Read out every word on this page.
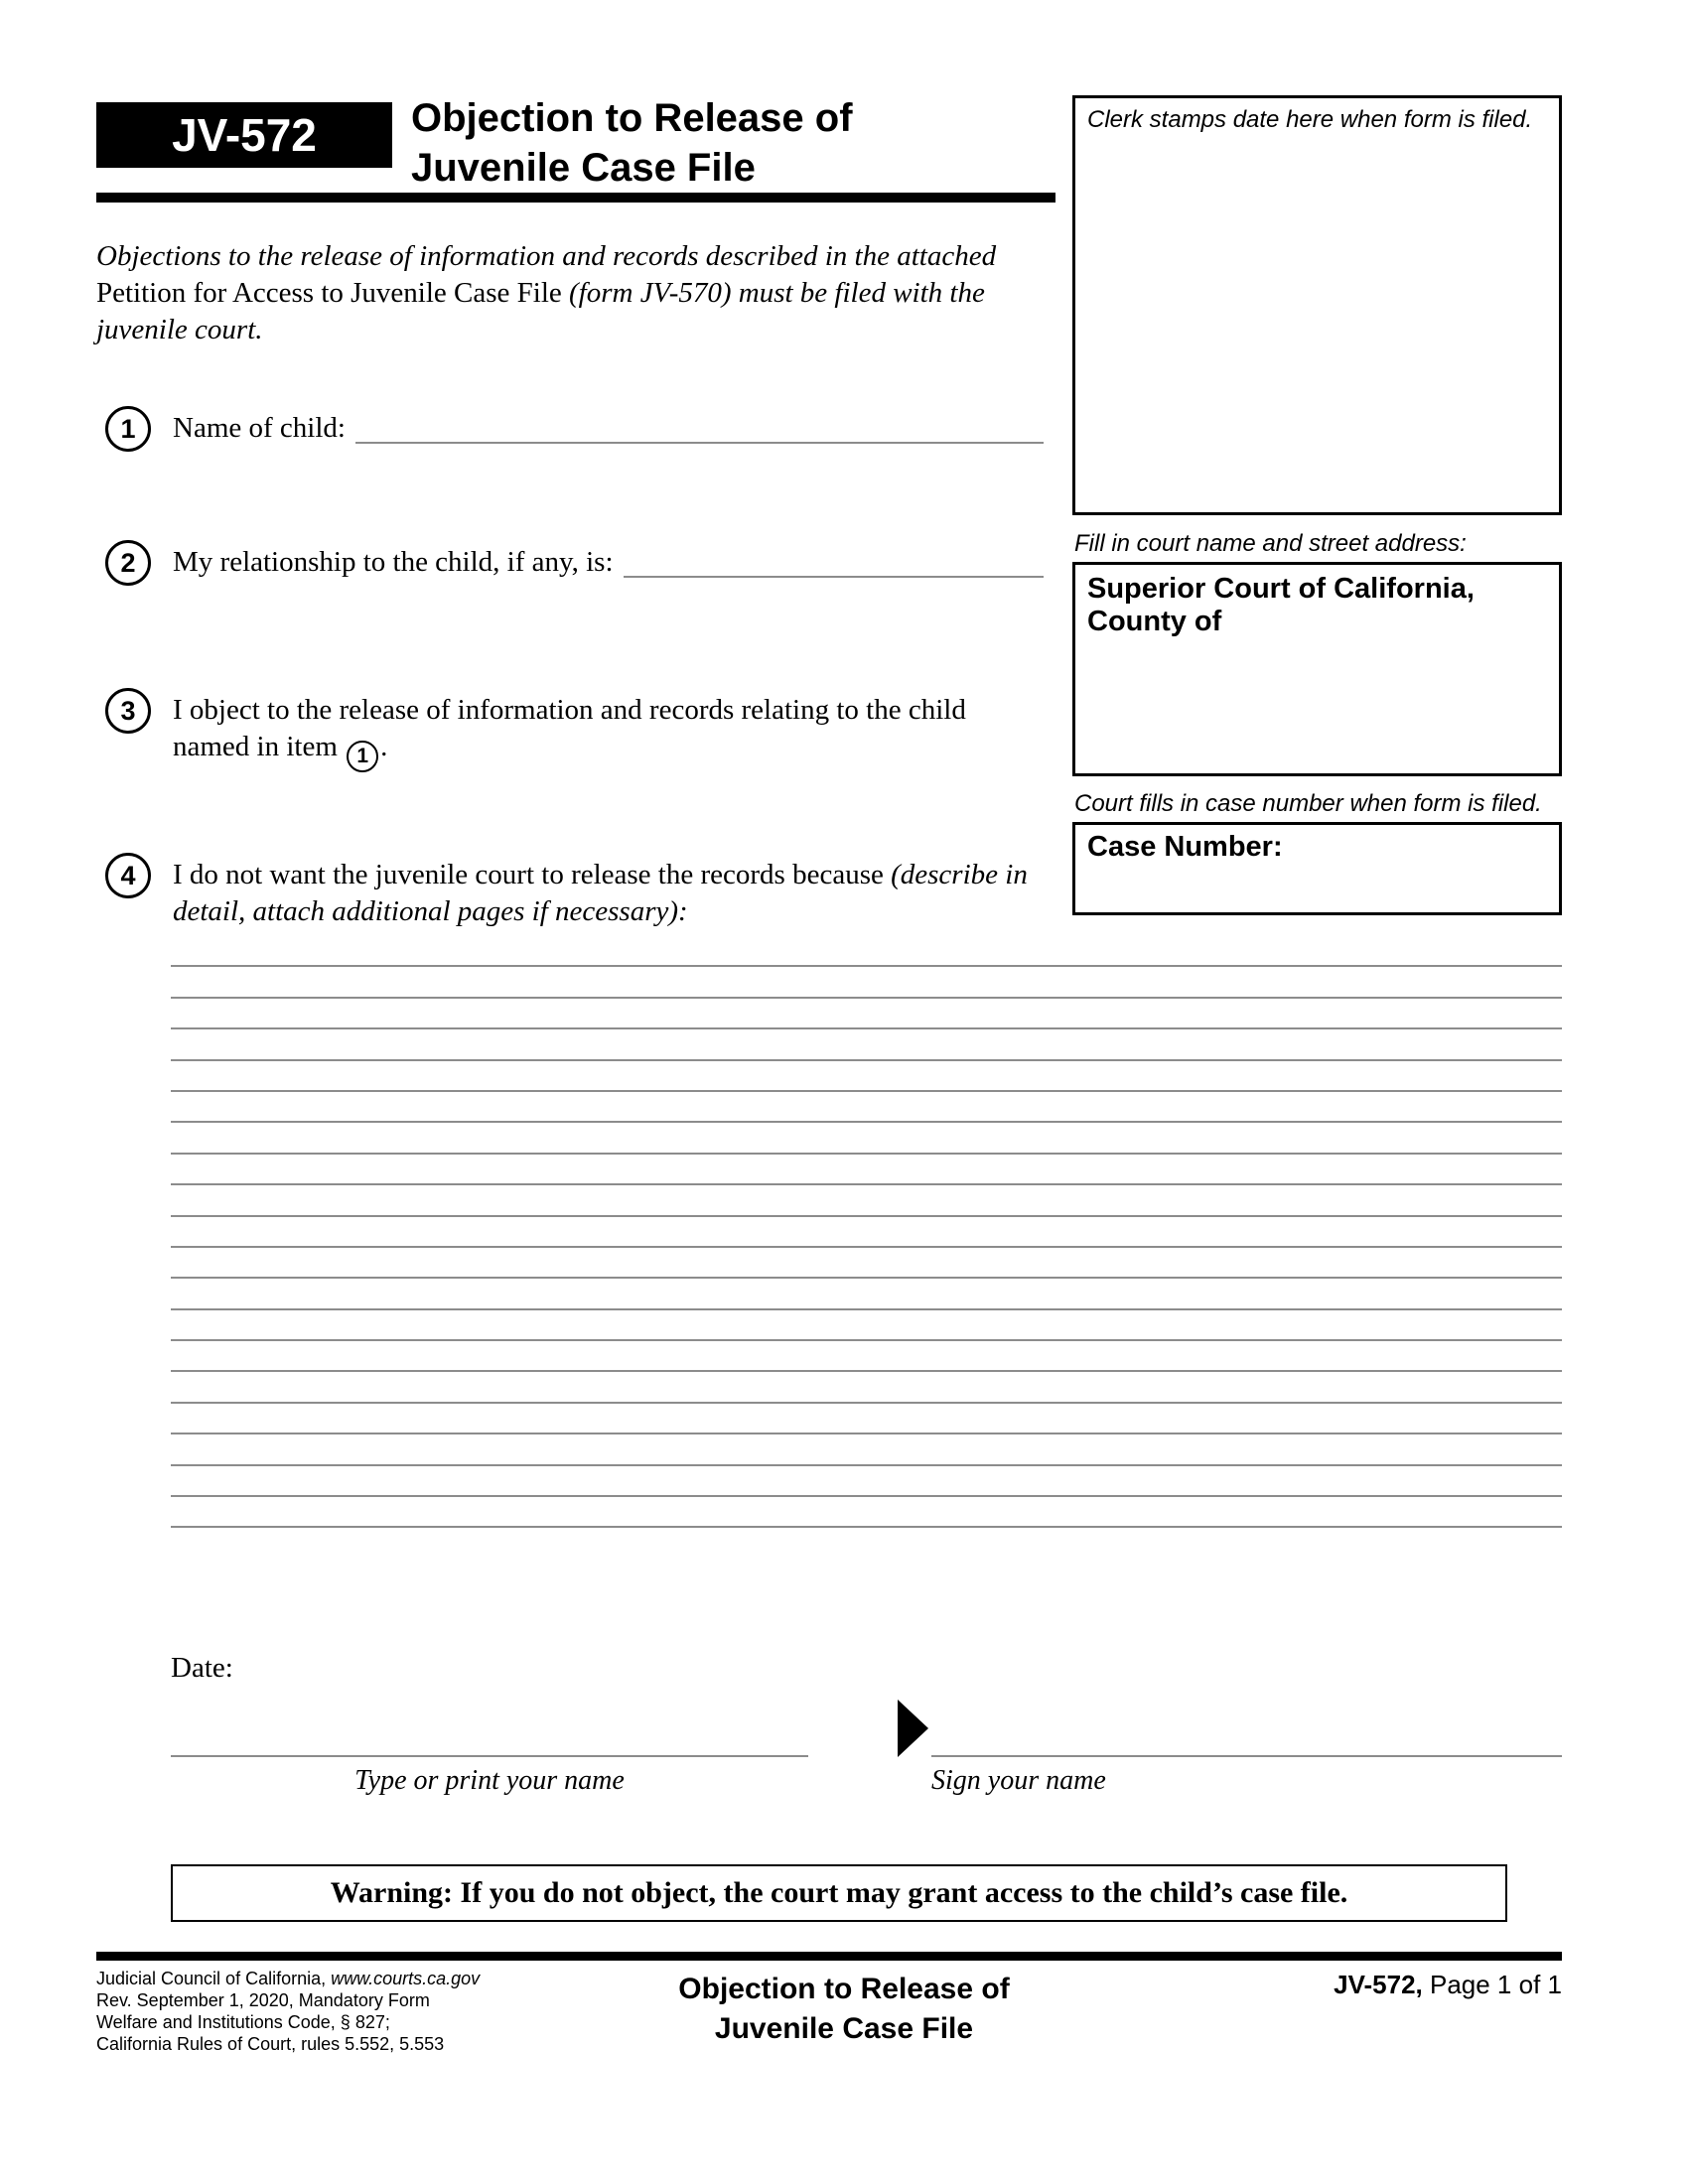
JV-572 Objection to Release of
Juvenile Case File

Objections to the release of information and records described in the attached Petition for Access to Juvenile Case File (form JV-570) must be filed with the juvenile court.

1 Name of child:
2 My relationship to the child, if any, is:
3 I object to the release of information and records relating to the child named in item 1 .
4 I do not want the juvenile court to release the records because (describe in detail, attach additional pages if necessary):
Clerk stamps date here when form is filed.
Fill in court name and street address:
Superior Court of California, County of
Court fills in case number when form is filed.
Case Number:
Date:
Type or print your name	Sign your name
Warning: If you do not object, the court may grant access to the child’s case file.
Judicial Council of California, www.courts.ca.gov
Rev. September 1, 2020, Mandatory Form
Welfare and Institutions Code, § 827;
California Rules of Court, rules 5.552, 5.553
Objection to Release of
Juvenile Case File
JV-572, Page 1 of 1
